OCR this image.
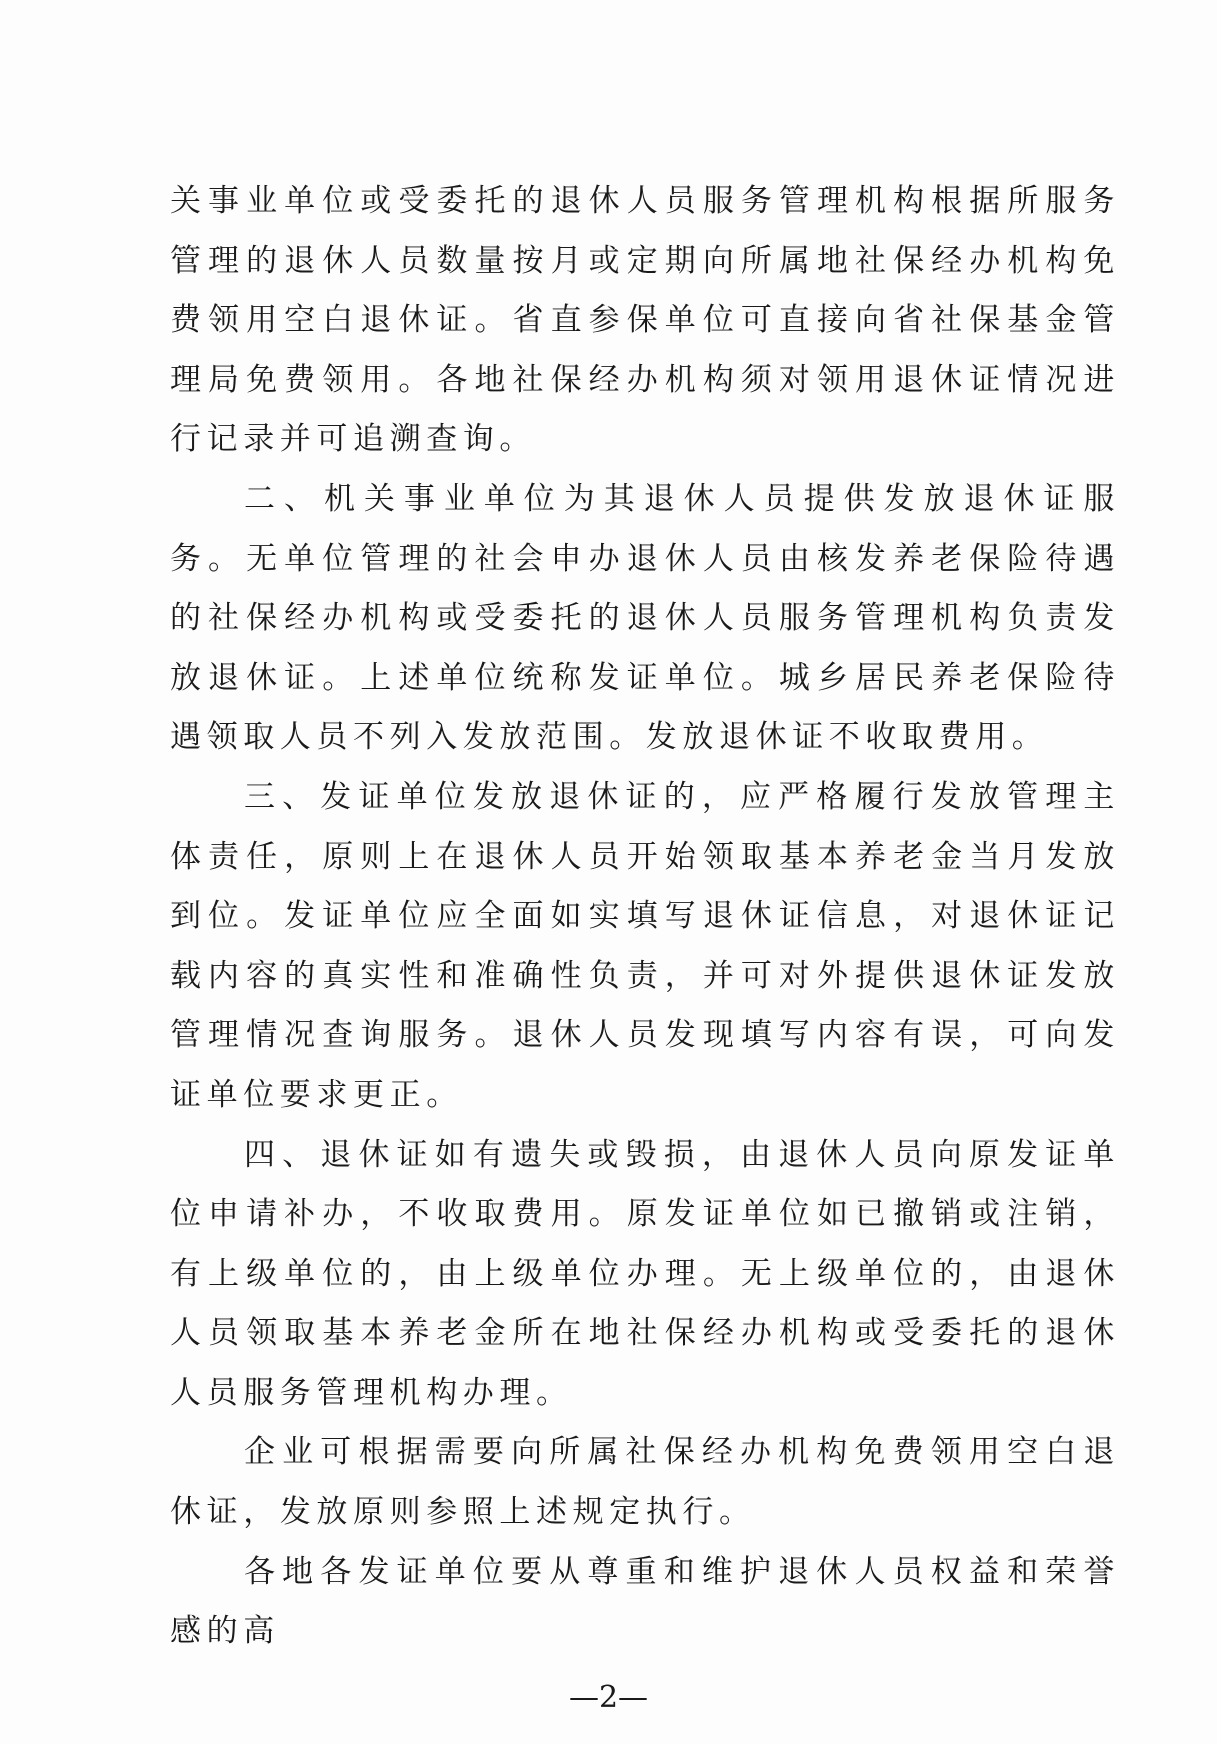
关事业单位或受委托的退休人员服务管理机构根据所服务管理的退休人员数量按月或定期向所属地社保经办机构免费领用空白退休证。省直参保单位可直接向省社保基金管理局免费领用。各地社保经办机构须对领用退休证情况进行记录并可追溯查询。

二、机关事业单位为其退休人员提供发放退休证服务。无单位管理的社会申办退休人员由核发养老保险待遇的社保经办机构或受委托的退休人员服务管理机构负责发放退休证。上述单位统称发证单位。城乡居民养老保险待遇领取人员不列入发放范围。发放退休证不收取费用。

三、发证单位发放退休证的，应严格履行发放管理主体责任，原则上在退休人员开始领取基本养老金当月发放到位。发证单位应全面如实填写退休证信息，对退休证记载内容的真实性和准确性负责，并可对外提供退休证发放管理情况查询服务。退休人员发现填写内容有误，可向发证单位要求更正。

四、退休证如有遗失或毁损，由退休人员向原发证单位申请补办，不收取费用。原发证单位如已撤销或注销，有上级单位的，由上级单位办理。无上级单位的，由退休人员领取基本养老金所在地社保经办机构或受委托的退休人员服务管理机构办理。

企业可根据需要向所属社保经办机构免费领用空白退休证，发放原则参照上述规定执行。

各地各发证单位要从尊重和维护退休人员权益和荣誉感的高

—2—
